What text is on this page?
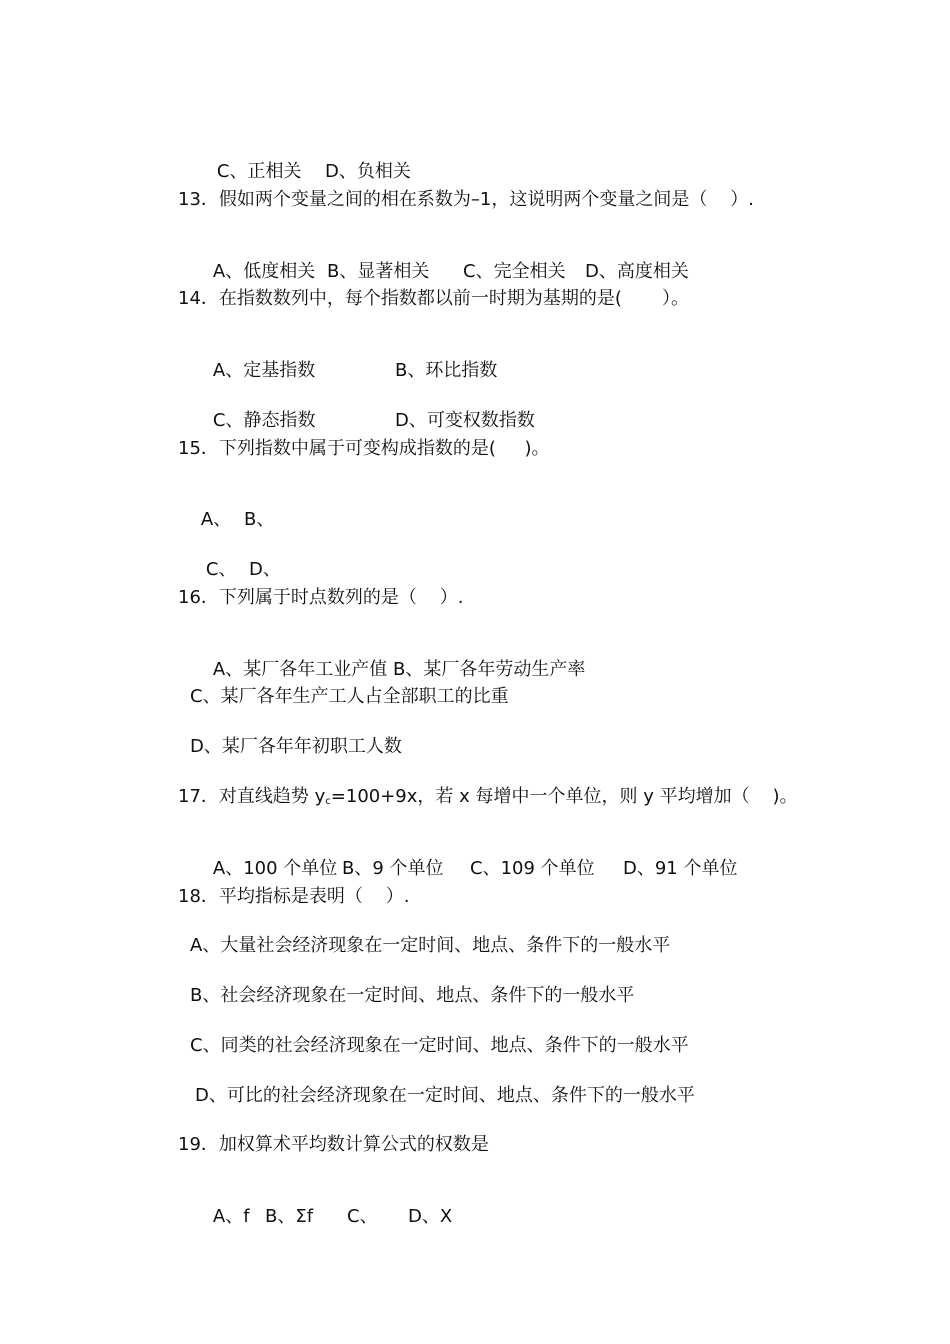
C、正相关 D、负相关

13．假如两个变量之间的相在系数为–1，这说明两个变量之间是（    ）.

A、低度相关 B、显著相关 C、完全相关 D、高度相关

14．在指数数列中，每个指数都以前一时期为基期的是(       ）。

A、定基指数	B、环比指数

C、静态指数	D、可变权数指数

15．下列指数中属于可变构成指数的是(     )。

A、 B、

C、 D、

16．下列属于时点数列的是（    ）.

A、某厂各年工业产值 B、某厂各年劳动生产率

C、某厂各年生产工人占全部职工的比重
D、某厂各年年初职工人数
17．对直线趋势 $y_c=100+9x$，若 x 每增中一个单位，则 y 平均增加（    )。

A、100 个单位 B、9 个单位 C、109 个单位 D、91 个单位

18．平均指标是表明（    ）.
A、大量社会经济现象在一定时间、地点、条件下的一般水平
B、社会经济现象在一定时间、地点、条件下的一般水平
C、同类的社会经济现象在一定时间、地点、条件下的一般水平
D、可比的社会经济现象在一定时间、地点、条件下的一般水平
19．加权算术平均数计算公式的权数是

A、f B、Σf C、 D、X
